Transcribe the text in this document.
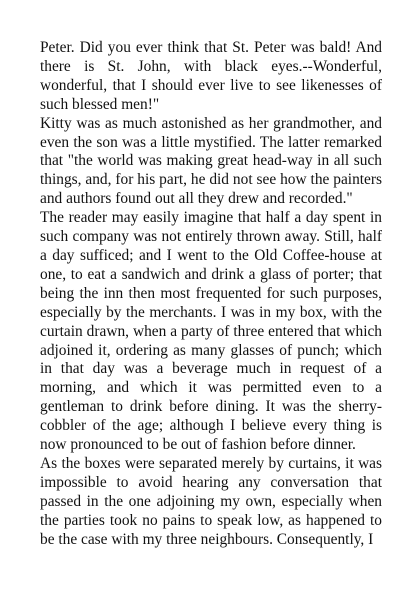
Peter. Did you ever think that St. Peter was bald! And there is St. John, with black eyes.--Wonderful, wonderful, that I should ever live to see likenesses of such blessed men!"

Kitty was as much astonished as her grandmother, and even the son was a little mystified. The latter remarked that "the world was making great head-way in all such things, and, for his part, he did not see how the painters and authors found out all they drew and recorded."

The reader may easily imagine that half a day spent in such company was not entirely thrown away. Still, half a day sufficed; and I went to the Old Coffee-house at one, to eat a sandwich and drink a glass of porter; that being the inn then most frequented for such purposes, especially by the merchants. I was in my box, with the curtain drawn, when a party of three entered that which adjoined it, ordering as many glasses of punch; which in that day was a beverage much in request of a morning, and which it was permitted even to a gentleman to drink before dining. It was the sherry-cobbler of the age; although I believe every thing is now pronounced to be out of fashion before dinner.

As the boxes were separated merely by curtains, it was impossible to avoid hearing any conversation that passed in the one adjoining my own, especially when the parties took no pains to speak low, as happened to be the case with my three neighbours. Consequently, I
